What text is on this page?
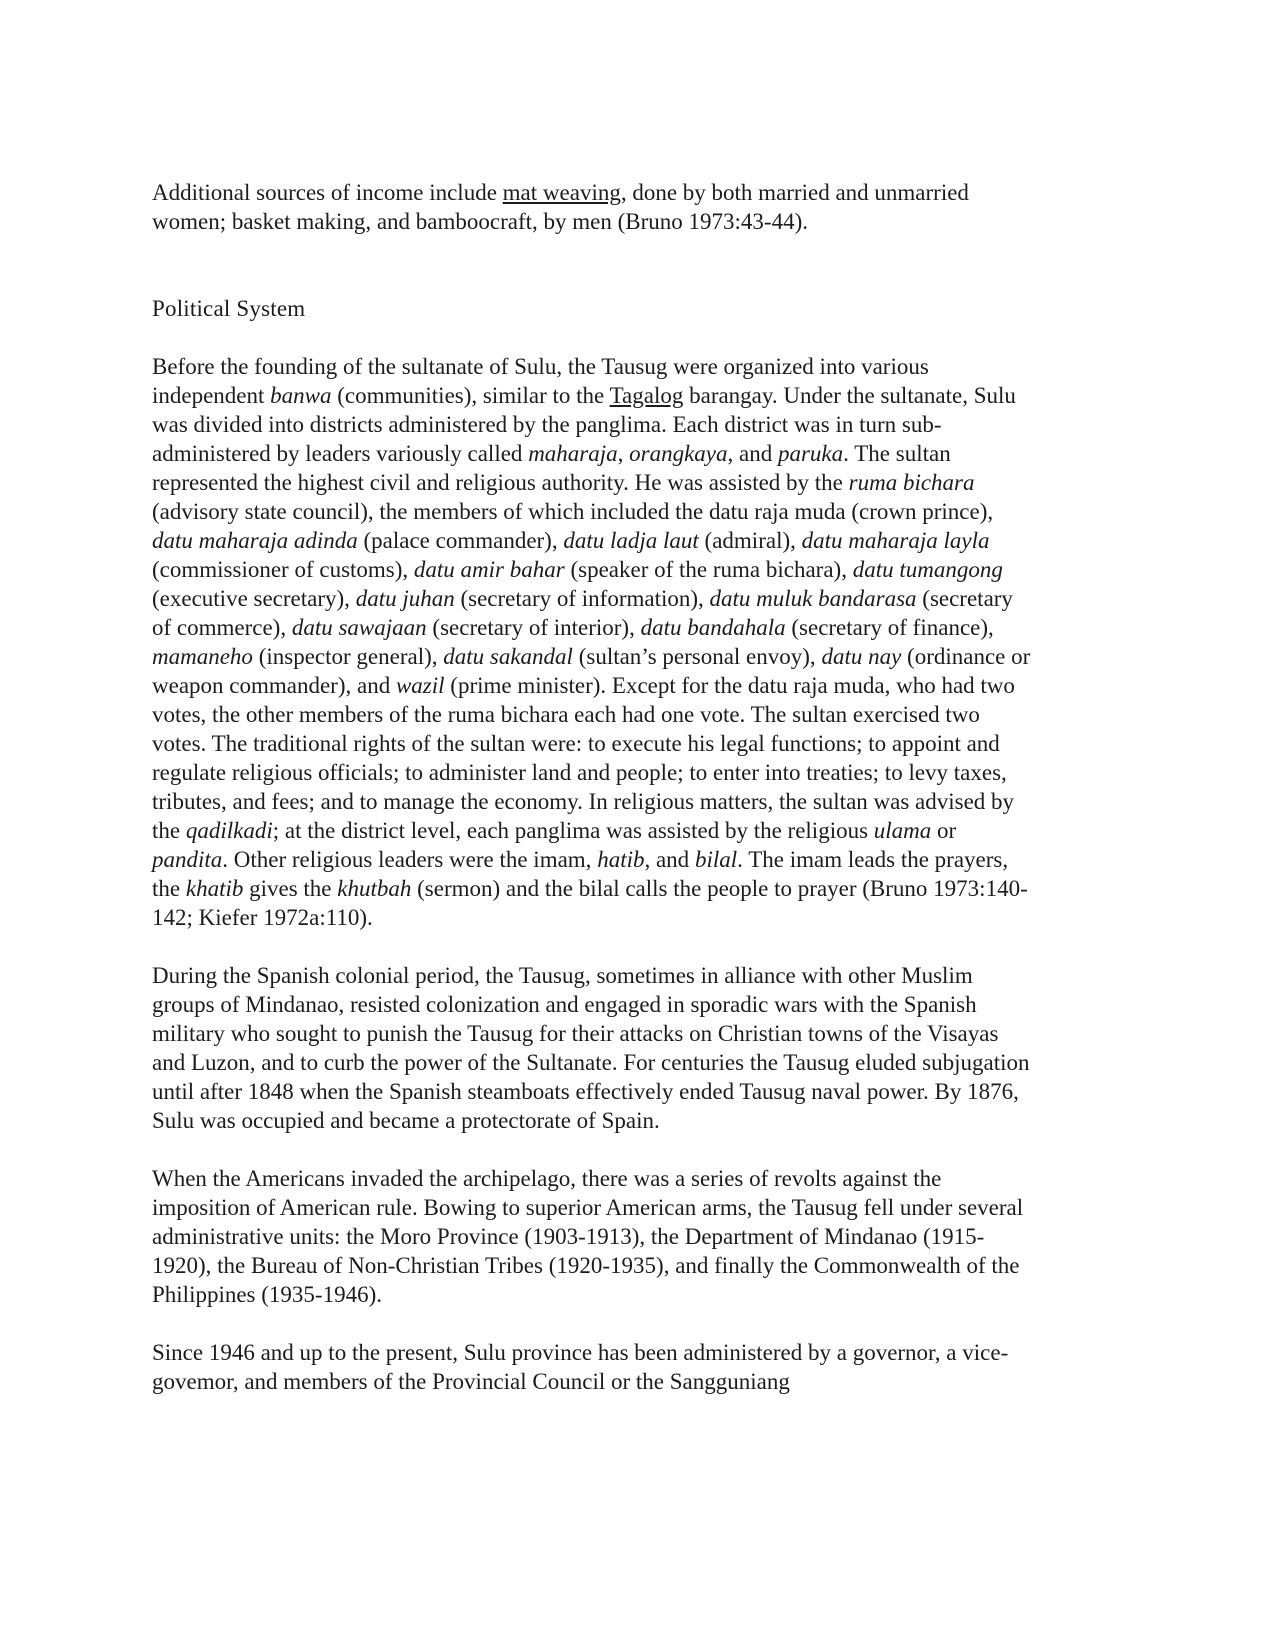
Additional sources of income include mat weaving, done by both married and unmarried women; basket making, and bamboocraft, by men (Bruno 1973:43-44).

Political System

Before the founding of the sultanate of Sulu, the Tausug were organized into various independent banwa (communities), similar to the Tagalog barangay. Under the sultanate, Sulu was divided into districts administered by the panglima. Each district was in turn sub-administered by leaders variously called maharaja, orangkaya, and paruka. The sultan represented the highest civil and religious authority. He was assisted by the ruma bichara (advisory state council), the members of which included the datu raja muda (crown prince), datu maharaja adinda (palace commander), datu ladja laut (admiral), datu maharaja layla (commissioner of customs), datu amir bahar (speaker of the ruma bichara), datu tumangong (executive secretary), datu juhan (secretary of information), datu muluk bandarasa (secretary of commerce), datu sawajaan (secretary of interior), datu bandahala (secretary of finance), mamaneho (inspector general), datu sakandal (sultan’s personal envoy), datu nay (ordinance or weapon commander), and wazil (prime minister). Except for the datu raja muda, who had two votes, the other members of the ruma bichara each had one vote. The sultan exercised two votes. The traditional rights of the sultan were: to execute his legal functions; to appoint and regulate religious officials; to administer land and people; to enter into treaties; to levy taxes, tributes, and fees; and to manage the economy. In religious matters, the sultan was advised by the qadilkadi; at the district level, each panglima was assisted by the religious ulama or pandita. Other religious leaders were the imam, hatib, and bilal. The imam leads the prayers, the khatib gives the khutbah (sermon) and the bilal calls the people to prayer (Bruno 1973:140-142; Kiefer 1972a:110).

During the Spanish colonial period, the Tausug, sometimes in alliance with other Muslim groups of Mindanao, resisted colonization and engaged in sporadic wars with the Spanish military who sought to punish the Tausug for their attacks on Christian towns of the Visayas and Luzon, and to curb the power of the Sultanate. For centuries the Tausug eluded subjugation until after 1848 when the Spanish steamboats effectively ended Tausug naval power. By 1876, Sulu was occupied and became a protectorate of Spain.

When the Americans invaded the archipelago, there was a series of revolts against the imposition of American rule. Bowing to superior American arms, the Tausug fell under several administrative units: the Moro Province (1903-1913), the Department of Mindanao (1915-1920), the Bureau of Non-Christian Tribes (1920-1935), and finally the Commonwealth of the Philippines (1935-1946).

Since 1946 and up to the present, Sulu province has been administered by a governor, a vice-govemor, and members of the Provincial Council or the Sangguniang
